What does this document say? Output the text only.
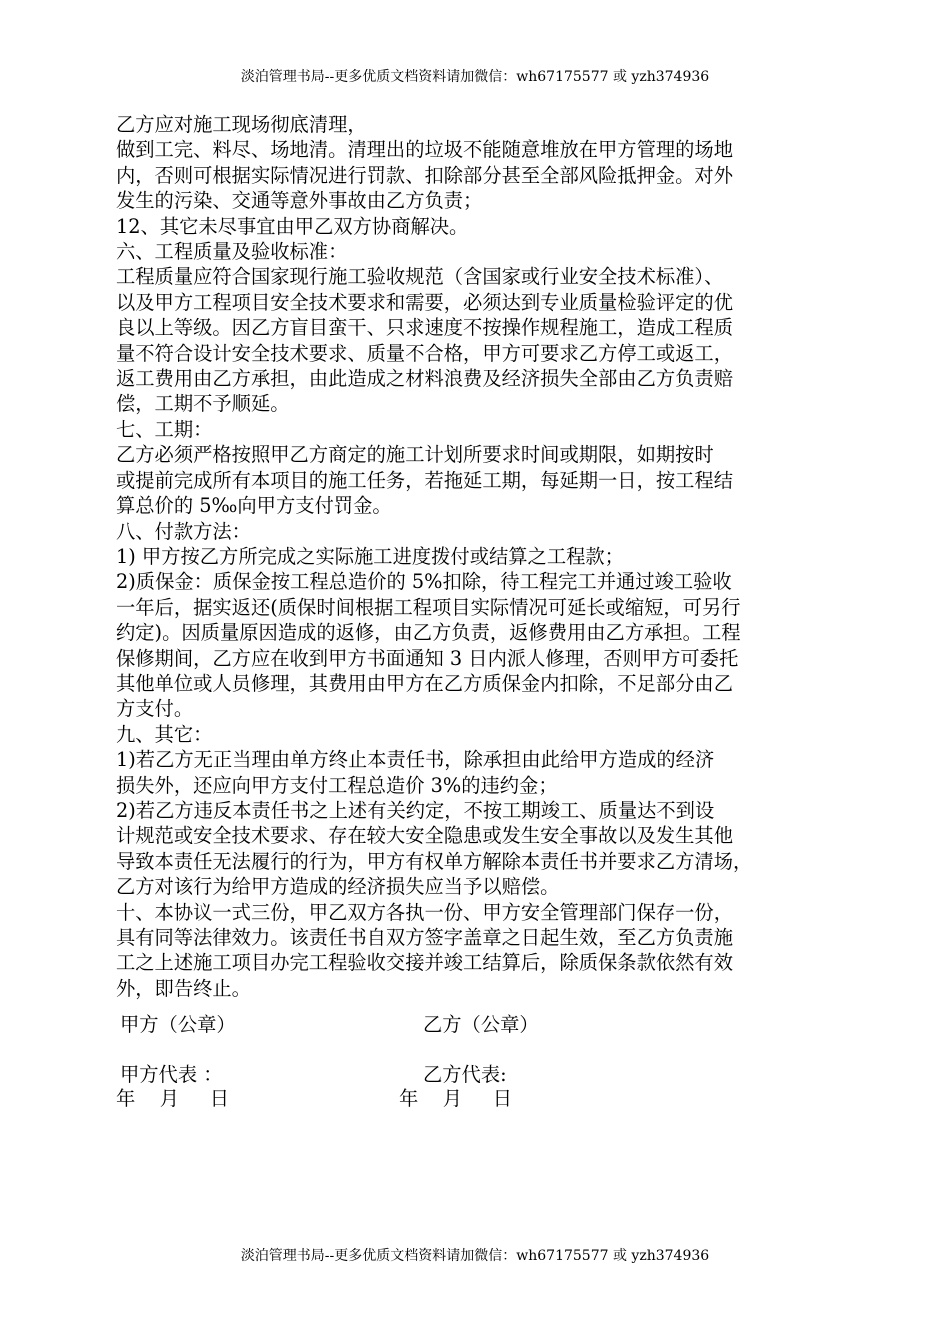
淡泊管理书局--更多优质文档资料请加微信：wh67175577 或 yzh374936

乙方应对施工现场彻底清理，

做到工完、料尽、场地清。清理出的垃圾不能随意堆放在甲方管理的场地

内，否则可根据实际情况进行罚款、扣除部分甚至全部风险抵押金。对外

发生的污染、交通等意外事故由乙方负责；

12、其它未尽事宜由甲乙双方协商解决。

六、工程质量及验收标准：

工程质量应符合国家现行施工验收规范（含国家或行业安全技术标准）、

以及甲方工程项目安全技术要求和需要，必须达到专业质量检验评定的优

良以上等级。因乙方盲目蛮干、只求速度不按操作规程施工，造成工程质

量不符合设计安全技术要求、质量不合格，甲方可要求乙方停工或返工，

返工费用由乙方承担，由此造成之材料浪费及经济损失全部由乙方负责赔

偿，工期不予顺延。

七、工期：

乙方必须严格按照甲乙方商定的施工计划所要求时间或期限，如期按时

或提前完成所有本项目的施工任务，若拖延工期，每延期一日，按工程结

算总价的 5‰向甲方支付罚金。

八、付款方法：

1) 甲方按乙方所完成之实际施工进度拨付或结算之工程款；

2)质保金：质保金按工程总造价的 5%扣除，待工程完工并通过竣工验收

一年后，据实返还(质保时间根据工程项目实际情况可延长或缩短，可另行

约定)。因质量原因造成的返修，由乙方负责，返修费用由乙方承担。工程

保修期间，乙方应在收到甲方书面通知 3 日内派人修理，否则甲方可委托

其他单位或人员修理，其费用由甲方在乙方质保金内扣除，不足部分由乙

方支付。

九、其它：

1)若乙方无正当理由单方终止本责任书，除承担由此给甲方造成的经济

损失外，还应向甲方支付工程总造价 3%的违约金；

2)若乙方违反本责任书之上述有关约定，不按工期竣工、质量达不到设

计规范或安全技术要求、存在较大安全隐患或发生安全事故以及发生其他

导致本责任无法履行的行为，甲方有权单方解除本责任书并要求乙方清场，

乙方对该行为给甲方造成的经济损失应当予以赔偿。

十、本协议一式三份，甲乙双方各执一份、甲方安全管理部门保存一份，

具有同等法律效力。该责任书自双方签字盖章之日起生效，至乙方负责施

工之上述施工项目办完工程验收交接并竣工结算后，除质保条款依然有效

外，即告终止。

甲方（公章）	乙方（公章）
甲方代表 ：	乙方代表:
年    月     日	年    月     日
淡泊管理书局--更多优质文档资料请加微信：wh67175577 或 yzh374936
